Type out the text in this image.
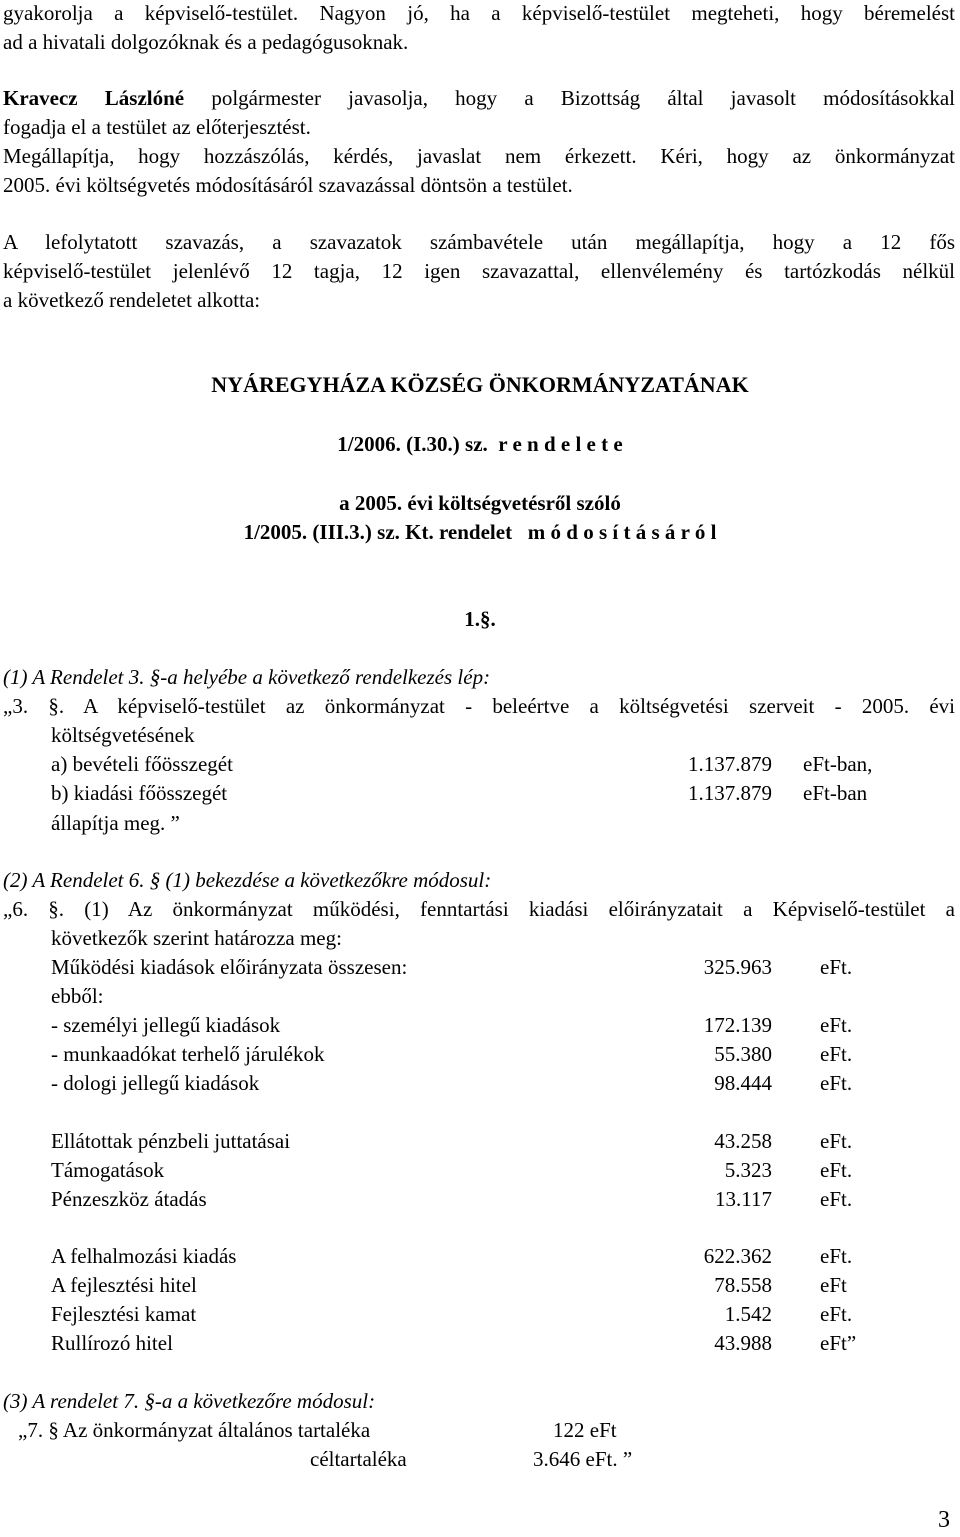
gyakorolja a képviselő-testület. Nagyon jó, ha a képviselő-testület megteheti, hogy béremelést
ad a hivatali dolgozóknak és a pedagógusoknak.
Kravecz Lászlóné polgármester javasolja, hogy a Bizottság által javasolt módosításokkal
fogadja el a testület az előterjesztést.
Megállapítja, hogy hozzászólás, kérdés, javaslat nem érkezett. Kéri, hogy az önkormányzat
2005. évi költségvetés módosításáról szavazással döntsön a testület.
A lefolytatott szavazás, a szavazatok számbavétele után megállapítja, hogy a 12 fős
képviselő-testület jelenlévő 12 tagja, 12 igen szavazattal, ellenvélemény és tartózkodás nélkül
a következő rendeletet alkotta:
NYÁREGYHÁZA KÖZSÉG ÖNKORMÁNYZATÁNAK
1/2006. (I.30.) sz.  r e n d e l e t e
a 2005. évi költségvetésről szóló
1/2005. (III.3.) sz. Kt. rendelet   m ó d o s í t á s á r ó l
1.§.
(1) A Rendelet 3. §-a helyébe a következő rendelkezés lép:
„3. §. A képviselő-testület az önkormányzat - beleértve a költségvetési szerveit - 2005. évi
költségvetésének
a) bevételi főösszegét	1.137.879 eFt-ban,
b) kiadási főösszegét	1.137.879 eFt-ban
állapítja meg. ”
(2) A Rendelet 6. § (1) bekezdése a következőkre módosul:
„6. §. (1) Az önkormányzat működési, fenntartási kiadási előirányzatait a Képviselő-testület a
következők szerint határozza meg:
Működési kiadások előirányzata összesen:	325.963 eFt.
ebből:
- személyi jellegű kiadások	172.139 eFt.
- munkaadókat terhelő járulékok	55.380 eFt.
- dologi jellegű kiadások	98.444 eFt.
Ellátottak pénzbeli juttatásai	43.258 eFt.
Támogatások	5.323 eFt.
Pénzeszköz átadás	13.117 eFt.
A felhalmozási kiadás	622.362 eFt.
A fejlesztési hitel	78.558 eFt
Fejlesztési kamat	1.542 eFt.
Rullírozó hitel	43.988 eFt”
(3) A rendelet 7. §-a a következőre módosul:
„7. § Az önkormányzat általános tartaléka	122 eFt
céltartaléka	3.646 eFt. ”
3
